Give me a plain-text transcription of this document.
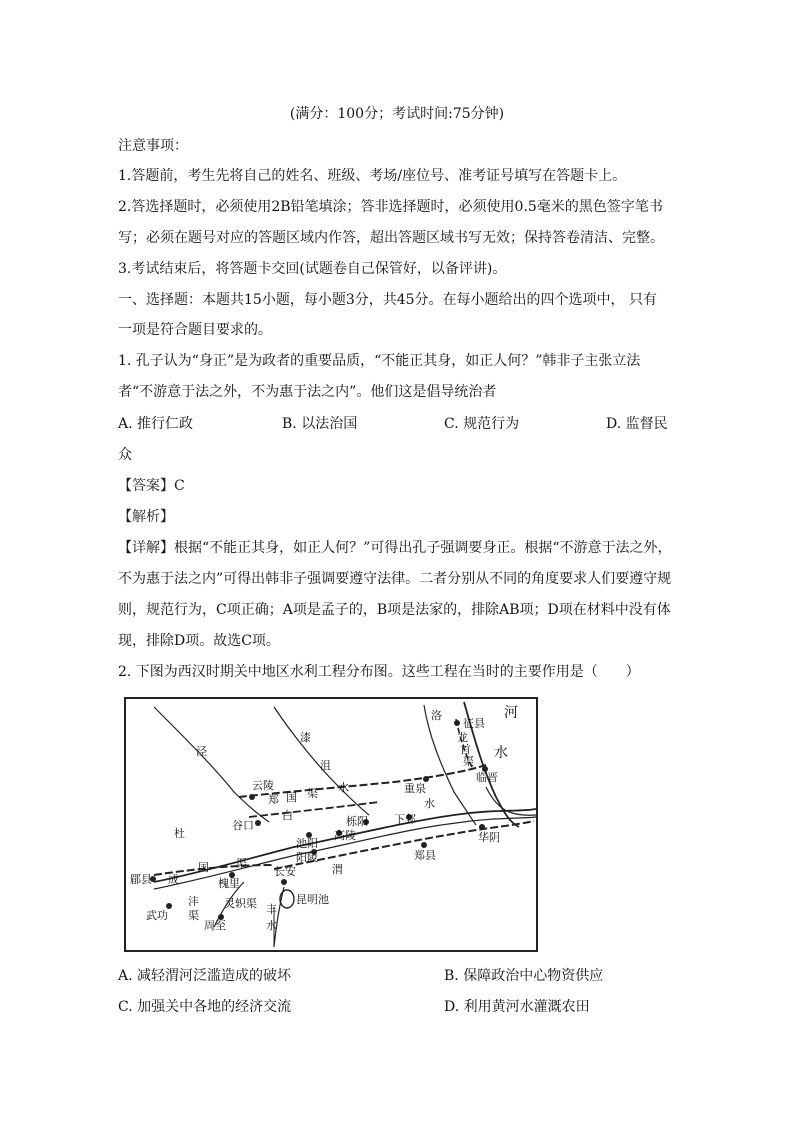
(满分：100分；考试时间:75分钟)
注意事项：
1.答题前，考生先将自己的姓名、班级、考场/座位号、准考证号填写在答题卡上。
2.答选择题时，必须使用2B铅笔填涂；答非选择题时，必须使用0.5毫米的黑色签字笔书
写；必须在题号对应的答题区域内作答，超出答题区域书写无效；保持答卷清洁、完整。
3.考试结束后，将答题卡交回(试题卷自己保管好，以备评讲)。
一、选择题：本题共15小题，每小题3分，共45分。在每小题给出的四个选项中， 只有
一项是符合题目要求的。
1. 孔子认为“身正”是为政者的重要品质，“不能正其身，如正人何？”韩非子主张立法
者“不游意于法之外，不为惠于法之内”。他们这是倡导统治者
A. 推行仁政	B. 以法治国	C. 规范行为	D. 监督民
众
【答案】C
【解析】
【详解】根据“不能正其身，如正人何？”可得出孔子强调要身正。根据“不游意于法之外，
不为惠于法之内”可得出韩非子强调要遵守法律。二者分别从不同的角度要求人们要遵守规
则，规范行为，C项正确；A项是孟子的，B项是法家的，排除AB项；D项在材料中没有体
现，排除D项。故选C项。
2. 下图为西汉时期关中地区水利工程分布图。这些工程在当时的主要作用是（　　）
河
水
洛
征县
龙
首
渠
临晋
泾
漆
沮
水
云陵
郑 国 渠	重泉
白
水
谷口
池阳
栎阳
高陵
下邽
华阴
杜
阳陵	郑县
郿县 成
国 渠
槐里
长安	渭
武功
周至
灵轵渠	昆明池
沣
渠	丰
水
A. 减轻渭河泛滥造成的破坏	B. 保障政治中心物资供应
C. 加强关中各地的经济交流	D. 利用黄河水灌溉农田
